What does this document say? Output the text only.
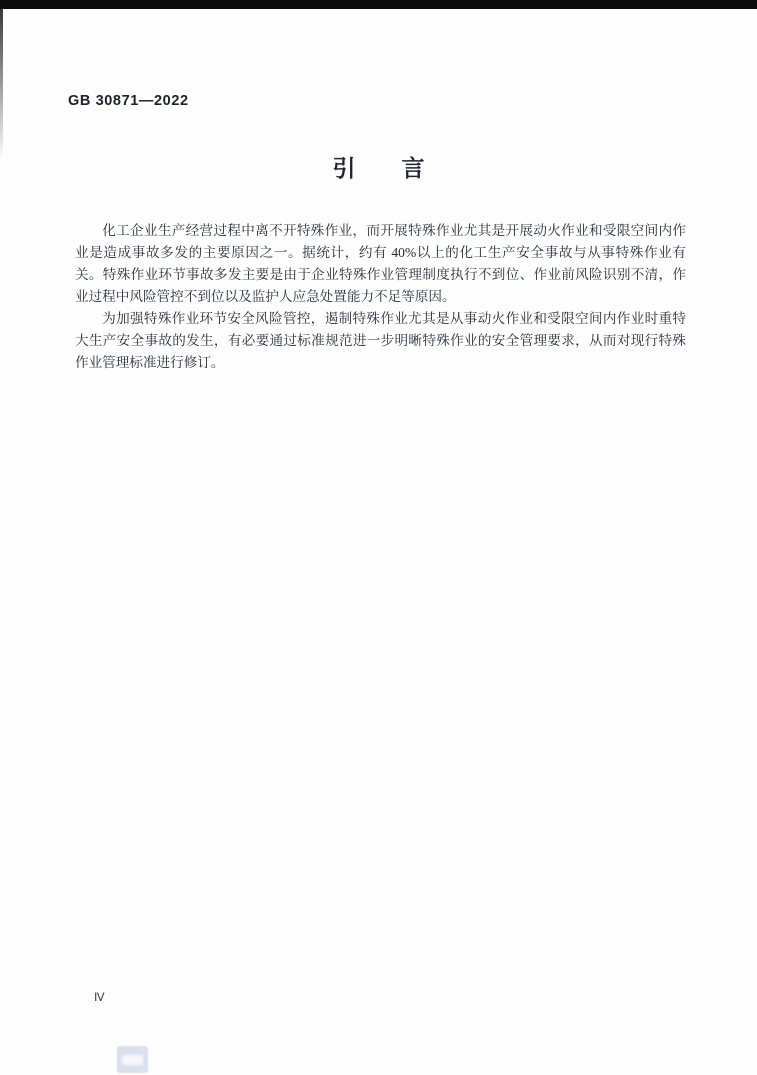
GB 30871—2022
引　　言

化工企业生产经营过程中离不开特殊作业，而开展特殊作业尤其是开展动火作业和受限空间内作业是造成事故多发的主要原因之一。据统计，约有 40%以上的化工生产安全事故与从事特殊作业有关。特殊作业环节事故多发主要是由于企业特殊作业管理制度执行不到位、作业前风险识别不清，作业过程中风险管控不到位以及监护人应急处置能力不足等原因。

为加强特殊作业环节安全风险管控，遏制特殊作业尤其是从事动火作业和受限空间内作业时重特大生产安全事故的发生，有必要通过标准规范进一步明晰特殊作业的安全管理要求，从而对现行特殊作业管理标准进行修订。

Ⅳ
